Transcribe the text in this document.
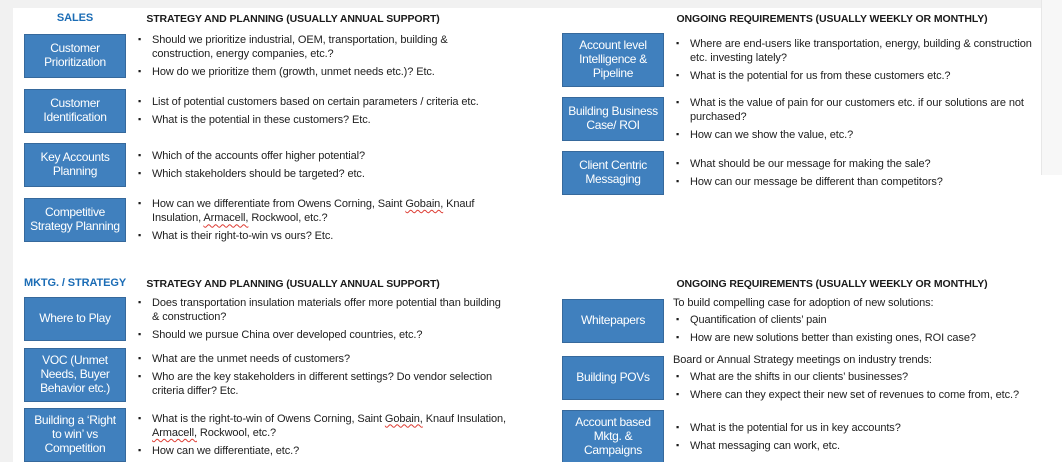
SALES	STRATEGY AND PLANNING (USUALLY ANNUAL SUPPORT)	ONGOING REQUIREMENTS (USUALLY WEEKLY OR MONTHLY)
Customer Prioritization
▪ Should we prioritize industrial, OEM, transportation, building & construction, energy companies, etc.?
▪ How do we prioritize them (growth, unmet needs etc.)? Etc.
Customer Identification
▪ List of potential customers based on certain parameters / criteria etc.
▪ What is the potential in these customers? Etc.
Key Accounts Planning
▪ Which of the accounts offer higher potential?
▪ Which stakeholders should be targeted? etc.
Competitive Strategy Planning
▪ How can we differentiate from Owens Corning, Saint Gobain, Knauf Insulation, Armacell, Rockwool, etc.?
▪ What is their right-to-win vs ours? Etc.
Account level Intelligence & Pipeline
▪ Where are end-users like transportation, energy, building & construction etc. investing lately?
▪ What is the potential for us from these customers etc.?
Building Business Case/ ROI
▪ What is the value of pain for our customers etc. if our solutions are not purchased?
▪ How can we show the value, etc.?
Client Centric Messaging
▪ What should be our message for making the sale?
▪ How can our message be different than competitors?
MKTG. / STRATEGY	STRATEGY AND PLANNING (USUALLY ANNUAL SUPPORT)	ONGOING REQUIREMENTS (USUALLY WEEKLY OR MONTHLY)
Where to Play
▪ Does transportation insulation materials offer more potential than building & construction?
▪ Should we pursue China over developed countries, etc.?
VOC (Unmet Needs, Buyer Behavior etc.)
▪ What are the unmet needs of customers?
▪ Who are the key stakeholders in different settings? Do vendor selection criteria differ? Etc.
Building a ‘Right to win’ vs Competition
▪ What is the right-to-win of Owens Corning, Saint Gobain, Knauf Insulation, Armacell, Rockwool, etc.?
▪ How can we differentiate, etc.?
Whitepapers
To build compelling case for adoption of new solutions:
▪ Quantification of clients’ pain
▪ How are new solutions better than existing ones, ROI case?
Building POVs
Board or Annual Strategy meetings on industry trends:
▪ What are the shifts in our clients’ businesses?
▪ Where can they expect their new set of revenues to come from, etc.?
Account based Mktg. & Campaigns
▪ What is the potential for us in key accounts?
▪ What messaging can work, etc.
